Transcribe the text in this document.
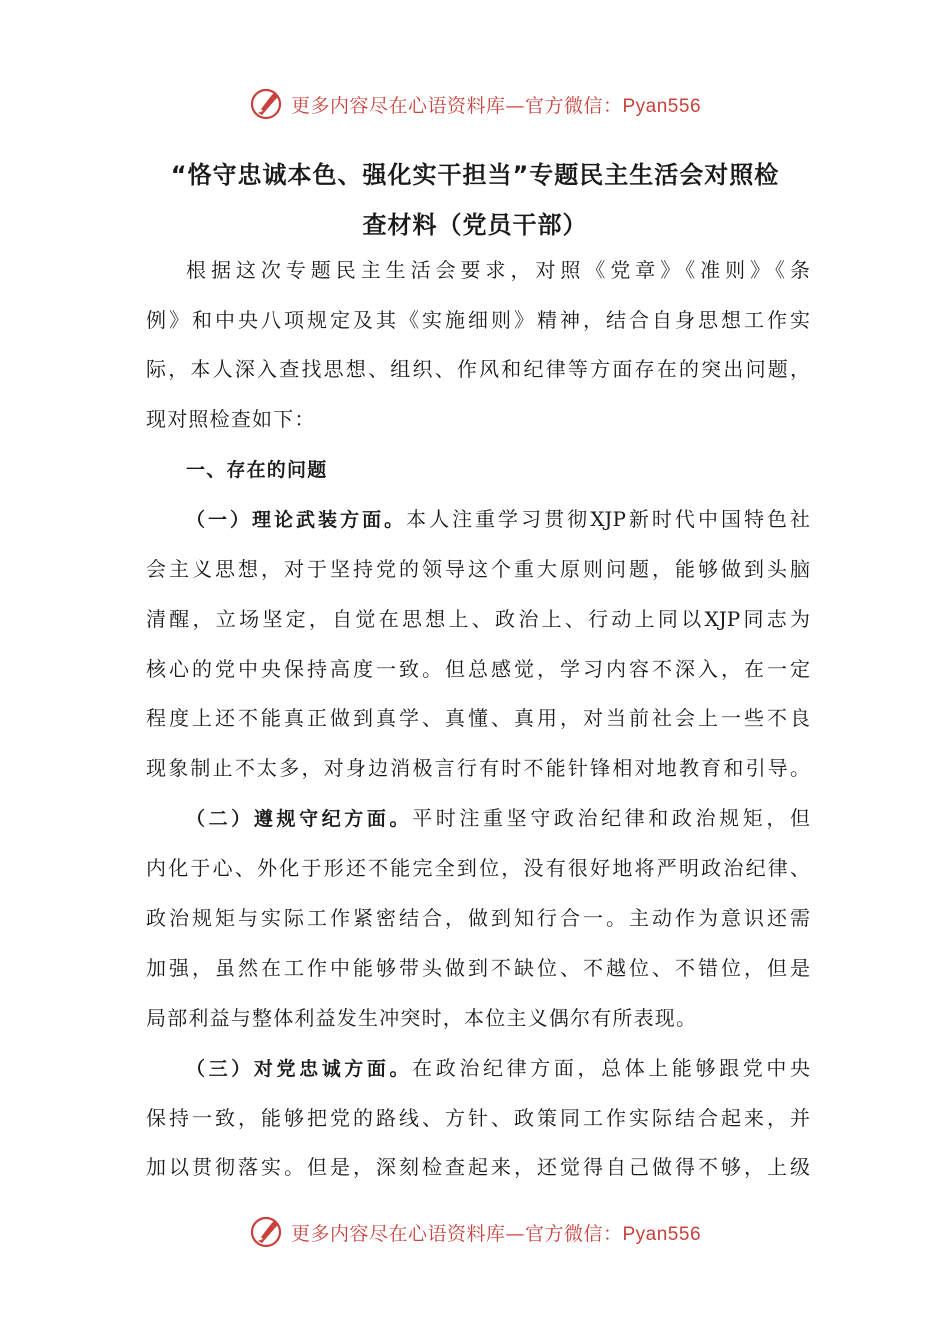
更多内容尽在心语资料库—官方微信：Pyan556
“恪守忠诚本色、强化实干担当”专题民主生活会对照检
查材料（党员干部）
根据这次专题民主生活会要求，对照《党章》《准则》《条
例》和中央八项规定及其《实施细则》精神，结合自身思想工作实
际，本人深入查找思想、组织、作风和纪律等方面存在的突出问题，
现对照检查如下：
一、存在的问题
（一）理论武装方面。本人注重学习贯彻XJP新时代中国特色社
会主义思想，对于坚持党的领导这个重大原则问题，能够做到头脑
清醒，立场坚定，自觉在思想上、政治上、行动上同以XJP同志为
核心的党中央保持高度一致。但总感觉，学习内容不深入，在一定
程度上还不能真正做到真学、真懂、真用，对当前社会上一些不良
现象制止不太多，对身边消极言行有时不能针锋相对地教育和引导。
（二）遵规守纪方面。平时注重坚守政治纪律和政治规矩，但
内化于心、外化于形还不能完全到位，没有很好地将严明政治纪律、
政治规矩与实际工作紧密结合，做到知行合一。主动作为意识还需
加强，虽然在工作中能够带头做到不缺位、不越位、不错位，但是
局部利益与整体利益发生冲突时，本位主义偶尔有所表现。
（三）对党忠诚方面。在政治纪律方面，总体上能够跟党中央
保持一致，能够把党的路线、方针、政策同工作实际结合起来，并
加以贯彻落实。但是，深刻检查起来，还觉得自己做得不够，上级
更多内容尽在心语资料库—官方微信：Pyan556
